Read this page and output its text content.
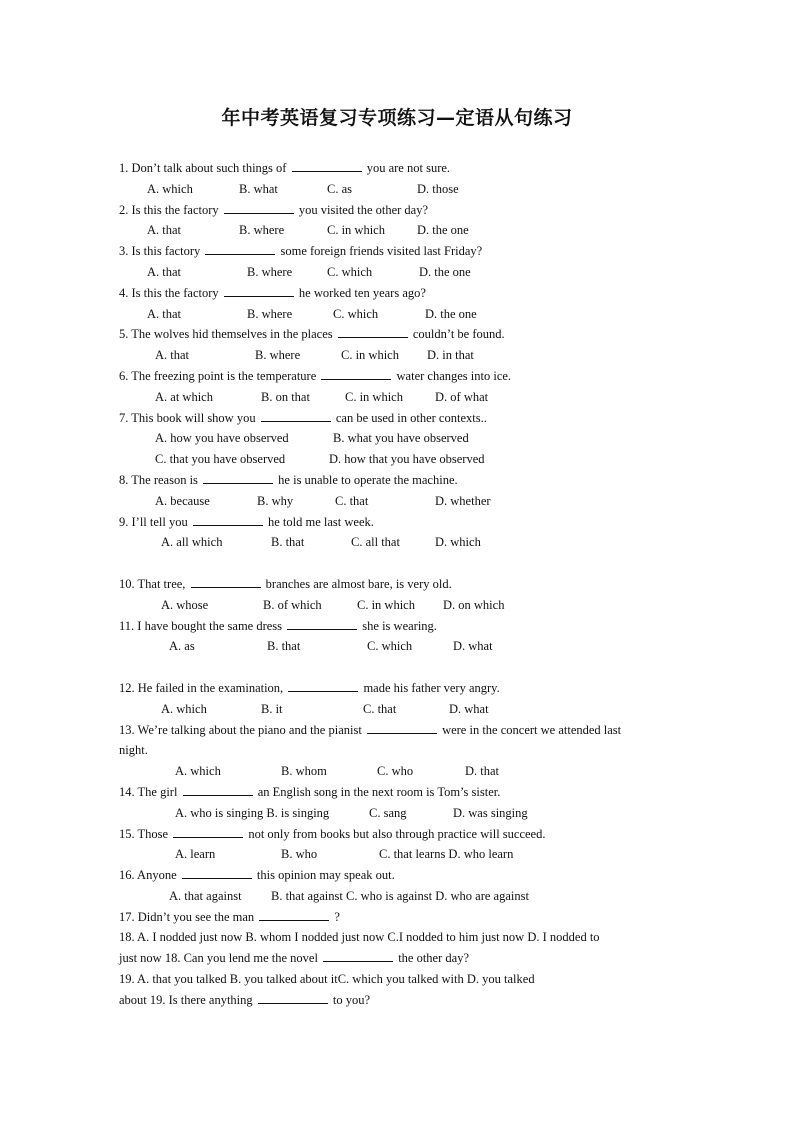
年中考英语复习专项练习—定语从句练习
1. Don’t talk about such things of	you are not sure.
A. which	B. what	C. as	D. those
2. Is this the factory	you visited the other day?
A. that	B. where	C. in which	D. the one
3. Is this factory	some foreign friends visited last Friday?
A. that	B. where	C. which	D. the one
4. Is this the factory	he worked ten years ago?
A. that	B. where	C. which	D. the one
5. The wolves hid themselves in the places	couldn’t be found.
A. that	B. where	C. in which D. in that
6. The freezing point is the temperature	water changes into ice.
A. at which	B. on that	C. in which	D. of what
7. This book will show you	can be used in other contexts..
A. how you have observed	B. what you have observed
C. that you have observed	D. how that you have observed
8. The reason is	he is unable to operate the machine.
A. because	B. why	C. that	D. whether
9. I’ll tell you	he told me last week.
A. all which	B. that	C. all that	D. which
10. That tree,	branches are almost bare, is very old.
A. whose	B. of which	C. in which D. on which
11. I have bought the same dress	she is wearing.
A. as	B. that	C. which	D. what
12. He failed in the examination,	made his father very angry.
A. which	B. it	C. that	D. what
13. We’re talking about the piano and the pianist	were in the concert we attended last
night.
A. which	B. whom	C. who	D. that
14. The girl	an English song in the next room is Tom’s sister.
A. who is singing B. is singing	C. sang	D. was singing
15. Those	not only from books but also through practice will succeed.
A. learn	B. who	C. that learns D. who learn
16. Anyone	this opinion may speak out.
A. that against B. that against C. who is against D. who are against
17. Didn’t you see the man	?
18. A. I nodded just now B. whom I nodded just now C.I nodded to him just now D. I nodded to
just now 18. Can you lend me the novel	the other day?
19. A. that you talked B. you talked about itC. which you talked with D. you talked
about 19. Is there anything	to you?
